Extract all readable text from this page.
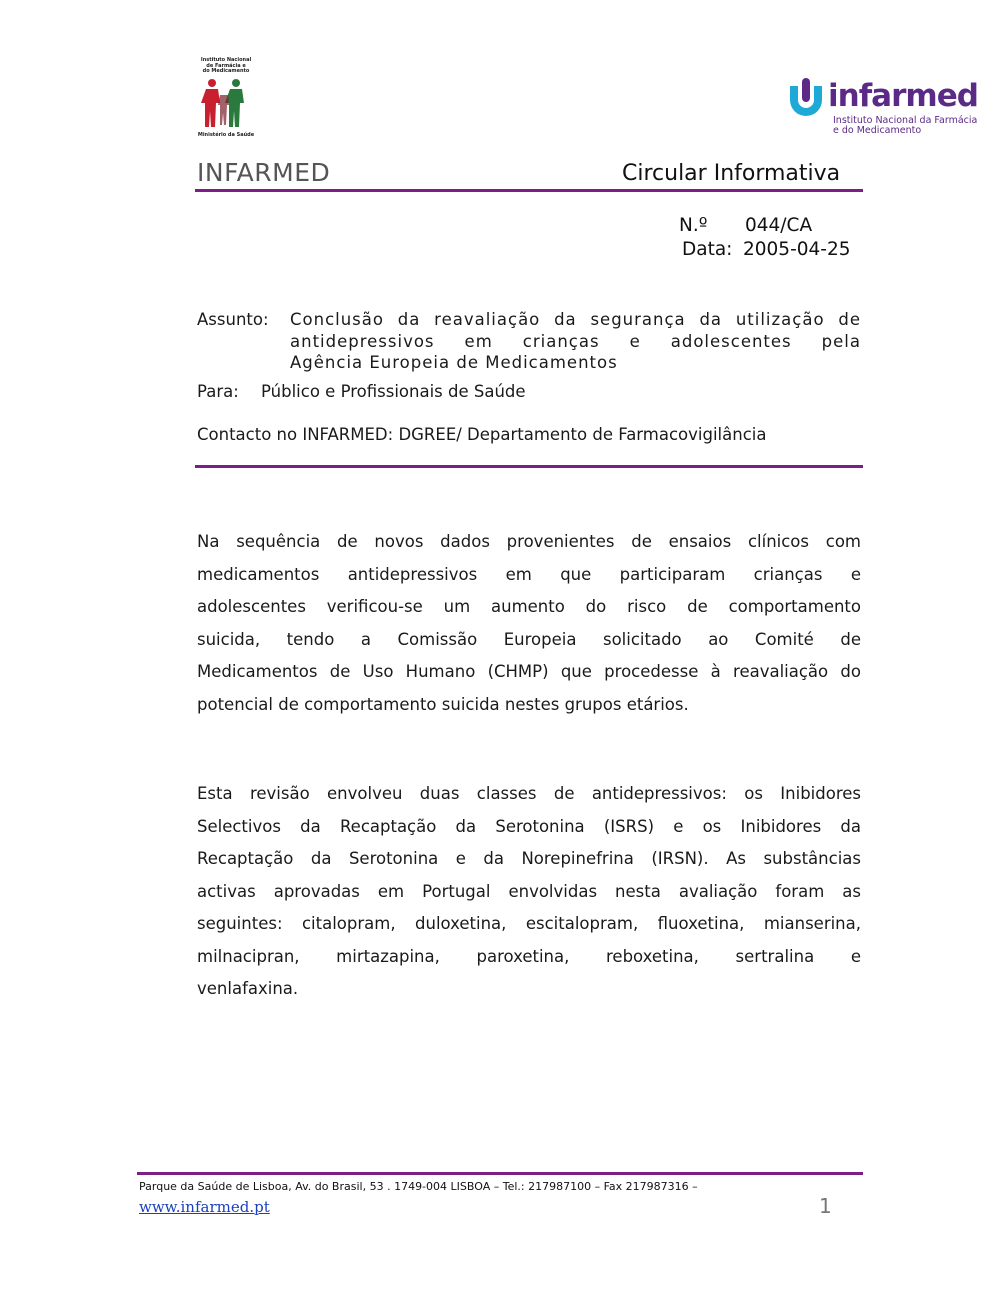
Instituto Nacional
de Farmácia e
do Medicamento
Ministério da Saúde
infarmed
Instituto Nacional da Farmácia
e do Medicamento
INFARMED	Circular Informativa
N.º 044/CA
Data: 2005-04-25
Assunto: Conclusão da reavaliação da segurança da utilização de
antidepressivos em crianças e adolescentes pela
Agência Europeia de Medicamentos
Para: Público e Profissionais de Saúde
Contacto no INFARMED: DGREE/ Departamento de Farmacovigilância
Na sequência de novos dados provenientes de ensaios clínicos com
medicamentos antidepressivos em que participaram crianças e
adolescentes verificou-se um aumento do risco de comportamento
suicida, tendo a Comissão Europeia solicitado ao Comité de
Medicamentos de Uso Humano (CHMP) que procedesse à reavaliação do
potencial de comportamento suicida nestes grupos etários.
Esta revisão envolveu duas classes de antidepressivos: os Inibidores
Selectivos da Recaptação da Serotonina (ISRS) e os Inibidores da
Recaptação da Serotonina e da Norepinefrina (IRSN). As substâncias
activas aprovadas em Portugal envolvidas nesta avaliação foram as
seguintes: citalopram, duloxetina, escitalopram, fluoxetina, mianserina,
milnacipran, mirtazapina, paroxetina, reboxetina, sertralina e
venlafaxina.
Parque da Saúde de Lisboa, Av. do Brasil, 53 . 1749-004 LISBOA – Tel.: 217987100 – Fax 217987316 –
www.infarmed.pt	1
